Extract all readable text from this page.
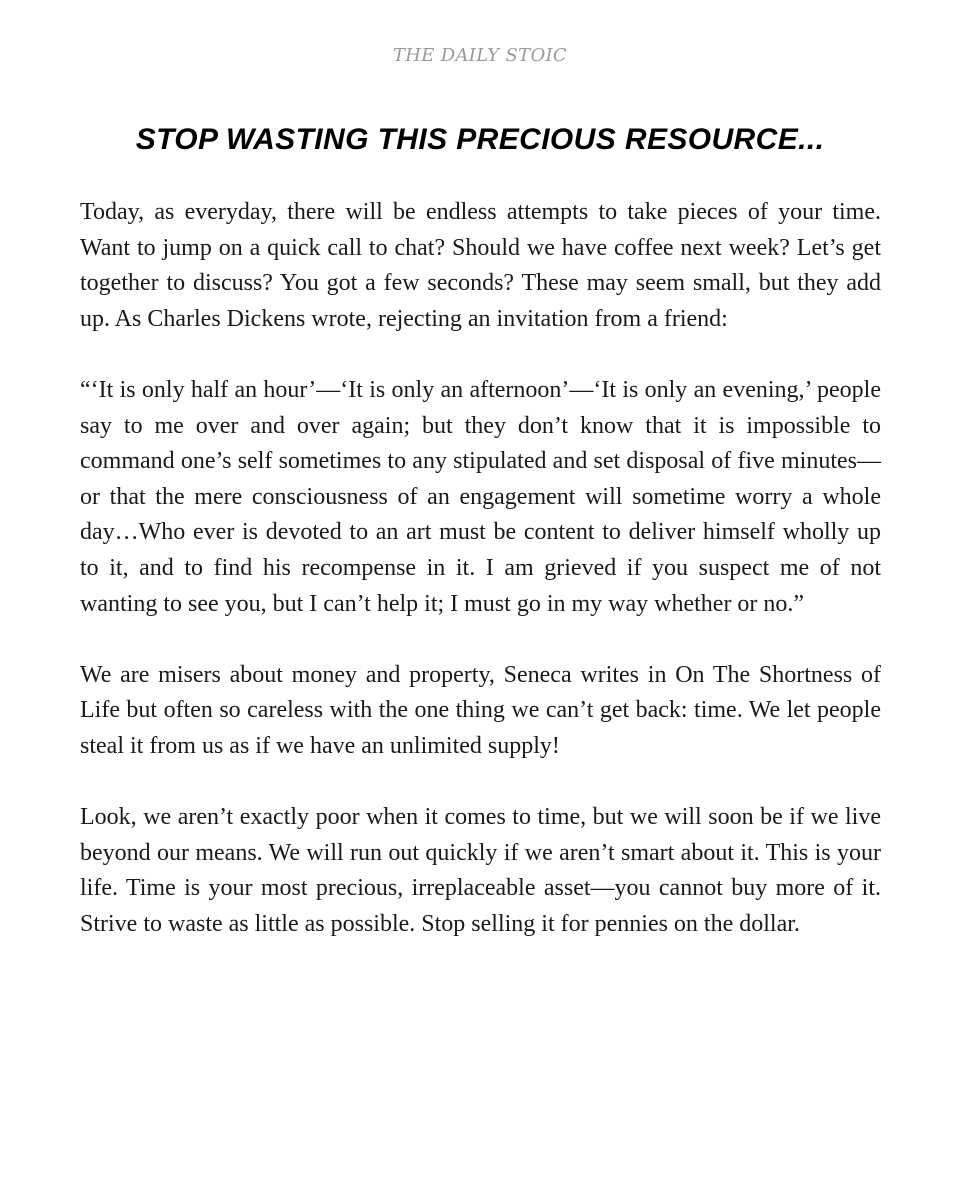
THE DAILY STOIC
STOP WASTING THIS PRECIOUS RESOURCE...

Today, as everyday, there will be endless attempts to take pieces of your time. Want to jump on a quick call to chat? Should we have coffee next week? Let’s get together to discuss? You got a few seconds? These may seem small, but they add up. As Charles Dickens wrote, rejecting an invitation from a friend:

“‘It is only half an hour’—‘It is only an afternoon’—‘It is only an evening,’ people say to me over and over again; but they don’t know that it is impossible to command one’s self sometimes to any stipulated and set disposal of five minutes—or that the mere consciousness of an engagement will sometime worry a whole day…Who ever is devoted to an art must be content to deliver himself wholly up to it, and to find his recompense in it. I am grieved if you suspect me of not wanting to see you, but I can’t help it; I must go in my way whether or no.”

We are misers about money and property, Seneca writes in On The Shortness of Life but often so careless with the one thing we can’t get back: time. We let people steal it from us as if we have an unlimited supply!

Look, we aren’t exactly poor when it comes to time, but we will soon be if we live beyond our means. We will run out quickly if we aren’t smart about it. This is your life. Time is your most precious, irreplaceable asset—you cannot buy more of it. Strive to waste as little as possible. Stop selling it for pennies on the dollar.
